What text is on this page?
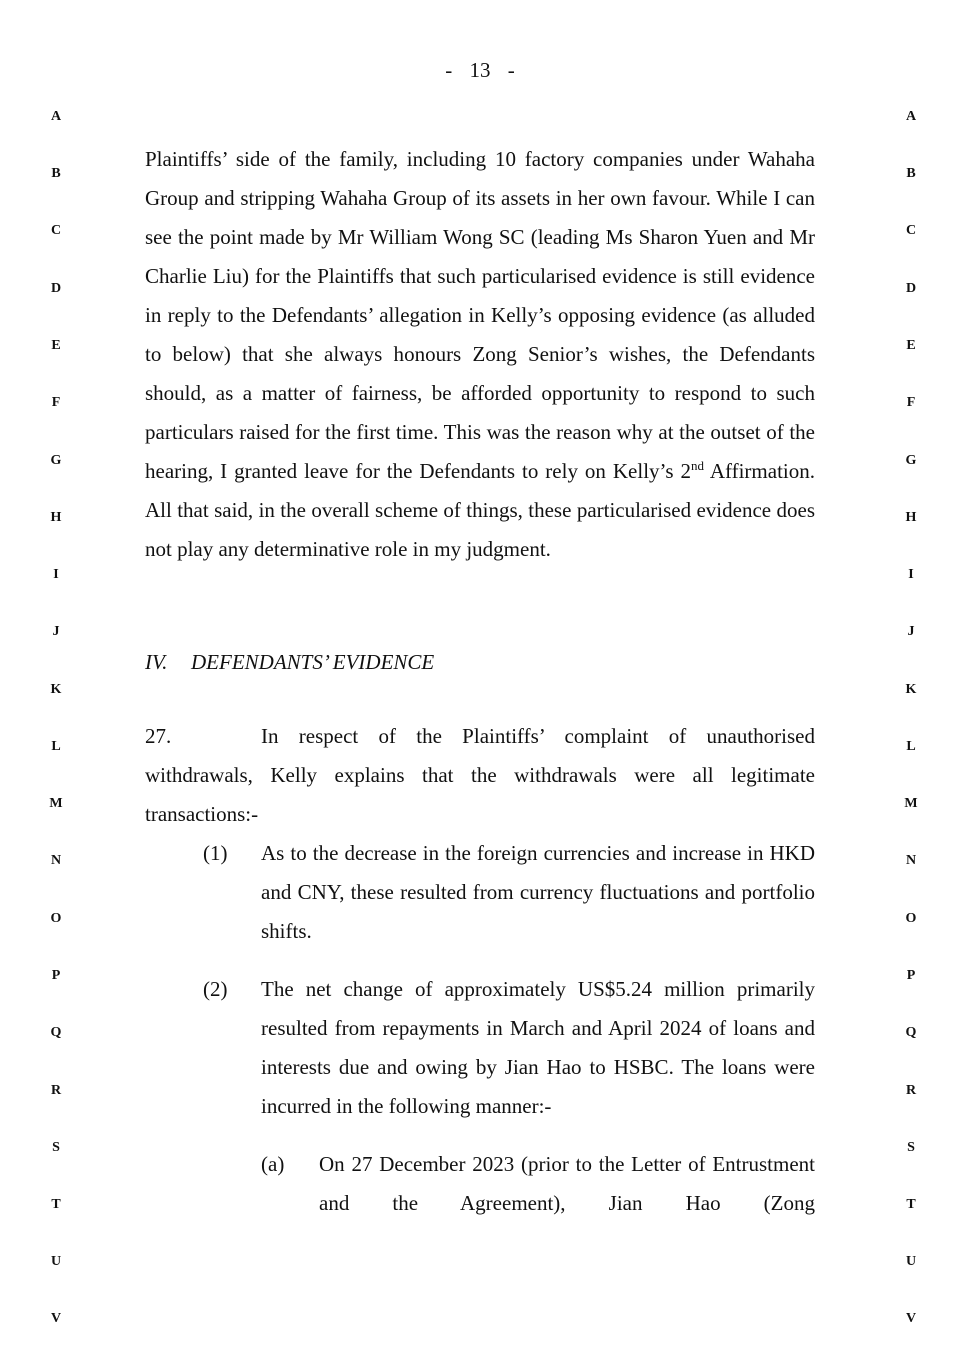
- 13 -
A
B
C
D
E
F
G
H
I
J
K
L
M
N
O
P
Q
R
S
T
U
V
A
B
C
D
E
F
G
H
I
J
K
L
M
N
O
P
Q
R
S
T
U
V

Plaintiffs’ side of the family, including 10 factory companies under Wahaha Group and stripping Wahaha Group of its assets in her own favour. While I can see the point made by Mr William Wong SC (leading Ms Sharon Yuen and Mr Charlie Liu) for the Plaintiffs that such particularised evidence is still evidence in reply to the Defendants’ allegation in Kelly’s opposing evidence (as alluded to below) that she always honours Zong Senior’s wishes, the Defendants should, as a matter of fairness, be afforded opportunity to respond to such particulars raised for the first time. This was the reason why at the outset of the hearing, I granted leave for the Defendants to rely on Kelly’s 2nd Affirmation. All that said, in the overall scheme of things, these particularised evidence does not play any determinative role in my judgment.

IV. DEFENDANTS’ EVIDENCE
27.	In respect of the Plaintiffs’ complaint of unauthorised withdrawals, Kelly explains that the withdrawals were all legitimate transactions:-
(1) As to the decrease in the foreign currencies and increase in HKD and CNY, these resulted from currency fluctuations and portfolio shifts.
(2) The net change of approximately US$5.24 million primarily resulted from repayments in March and April 2024 of loans and interests due and owing by Jian Hao to HSBC. The loans were incurred in the following manner:-
(a) On 27 December 2023 (prior to the Letter of Entrustment and the Agreement), Jian Hao (Zong
